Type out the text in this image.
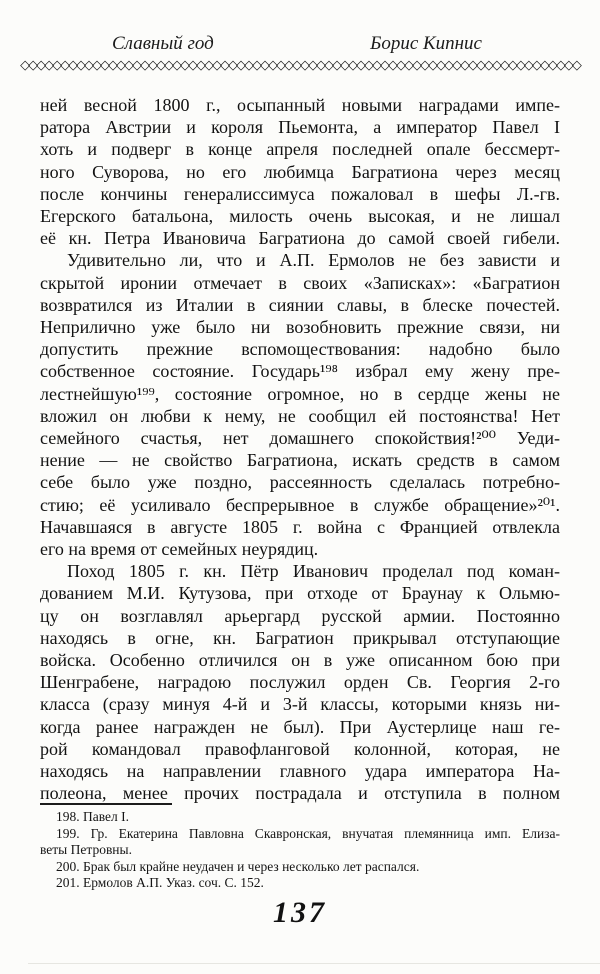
Славный год	Борис Кипнис
◇◇◇◇◇◇◇◇◇◇◇◇◇◇◇◇◇◇◇◇◇◇◇◇◇◇◇◇◇◇◇◇◇◇◇◇◇◇◇◇◇◇◇◇◇◇◇◇◇◇◇◇◇◇◇◇◇◇◇◇◇◇◇◇◇◇◇◇◇◇
ней весной 1800 г., осыпанный новыми наградами импе-
ратора Австрии и короля Пьемонта, а император Павел I
хоть и подверг в конце апреля последней опале бессмерт-
ного Суворова, но его любимца Багратиона через месяц
после кончины генералиссимуса пожаловал в шефы Л.-гв.
Егерского батальона, милость очень высокая, и не лишал
её кн. Петра Ивановича Багратиона до самой своей гибели.
Удивительно ли, что и А.П. Ермолов не без зависти и
скрытой иронии отмечает в своих «Записках»: «Багратион
возвратился из Италии в сиянии славы, в блеске почестей.
Неприлично уже было ни возобновить прежние связи, ни
допустить прежние вспомоществования: надобно было
собственное состояние. Государь¹⁹⁸ избрал ему жену пре-
лестнейшую¹⁹⁹, состояние огромное, но в сердце жены не
вложил он любви к нему, не сообщил ей постоянства! Нет
семейного счастья, нет домашнего спокойствия!²⁰⁰ Уеди-
нение — не свойство Багратиона, искать средств в самом
себе было уже поздно, рассеянность сделалась потребно-
стию; её усиливало беспрерывное в службе обращение»²⁰¹.
Начавшаяся в августе 1805 г. война с Францией отвлекла
его на время от семейных неурядиц.
Поход 1805 г. кн. Пётр Иванович проделал под коман-
дованием М.И. Кутузова, при отходе от Браунау к Ольмю-
цу он возглавлял арьергард русской армии. Постоянно
находясь в огне, кн. Багратион прикрывал отступающие
войска. Особенно отличился он в уже описанном бою при
Шенграбене, наградою послужил орден Св. Георгия 2-го
класса (сразу минуя 4-й и 3-й классы, которыми князь ни-
когда ранее награжден не был). При Аустерлице наш ге-
рой командовал правофланговой колонной, которая, не
находясь на направлении главного удара императора На-
полеона, менее прочих пострадала и отступила в полном
198. Павел I.
199. Гр. Екатерина Павловна Скавронская, внучатая племянница имп. Елиза-
веты Петровны.
200. Брак был крайне неудачен и через несколько лет распался.
201. Ермолов А.П. Указ. соч. С. 152.
137
